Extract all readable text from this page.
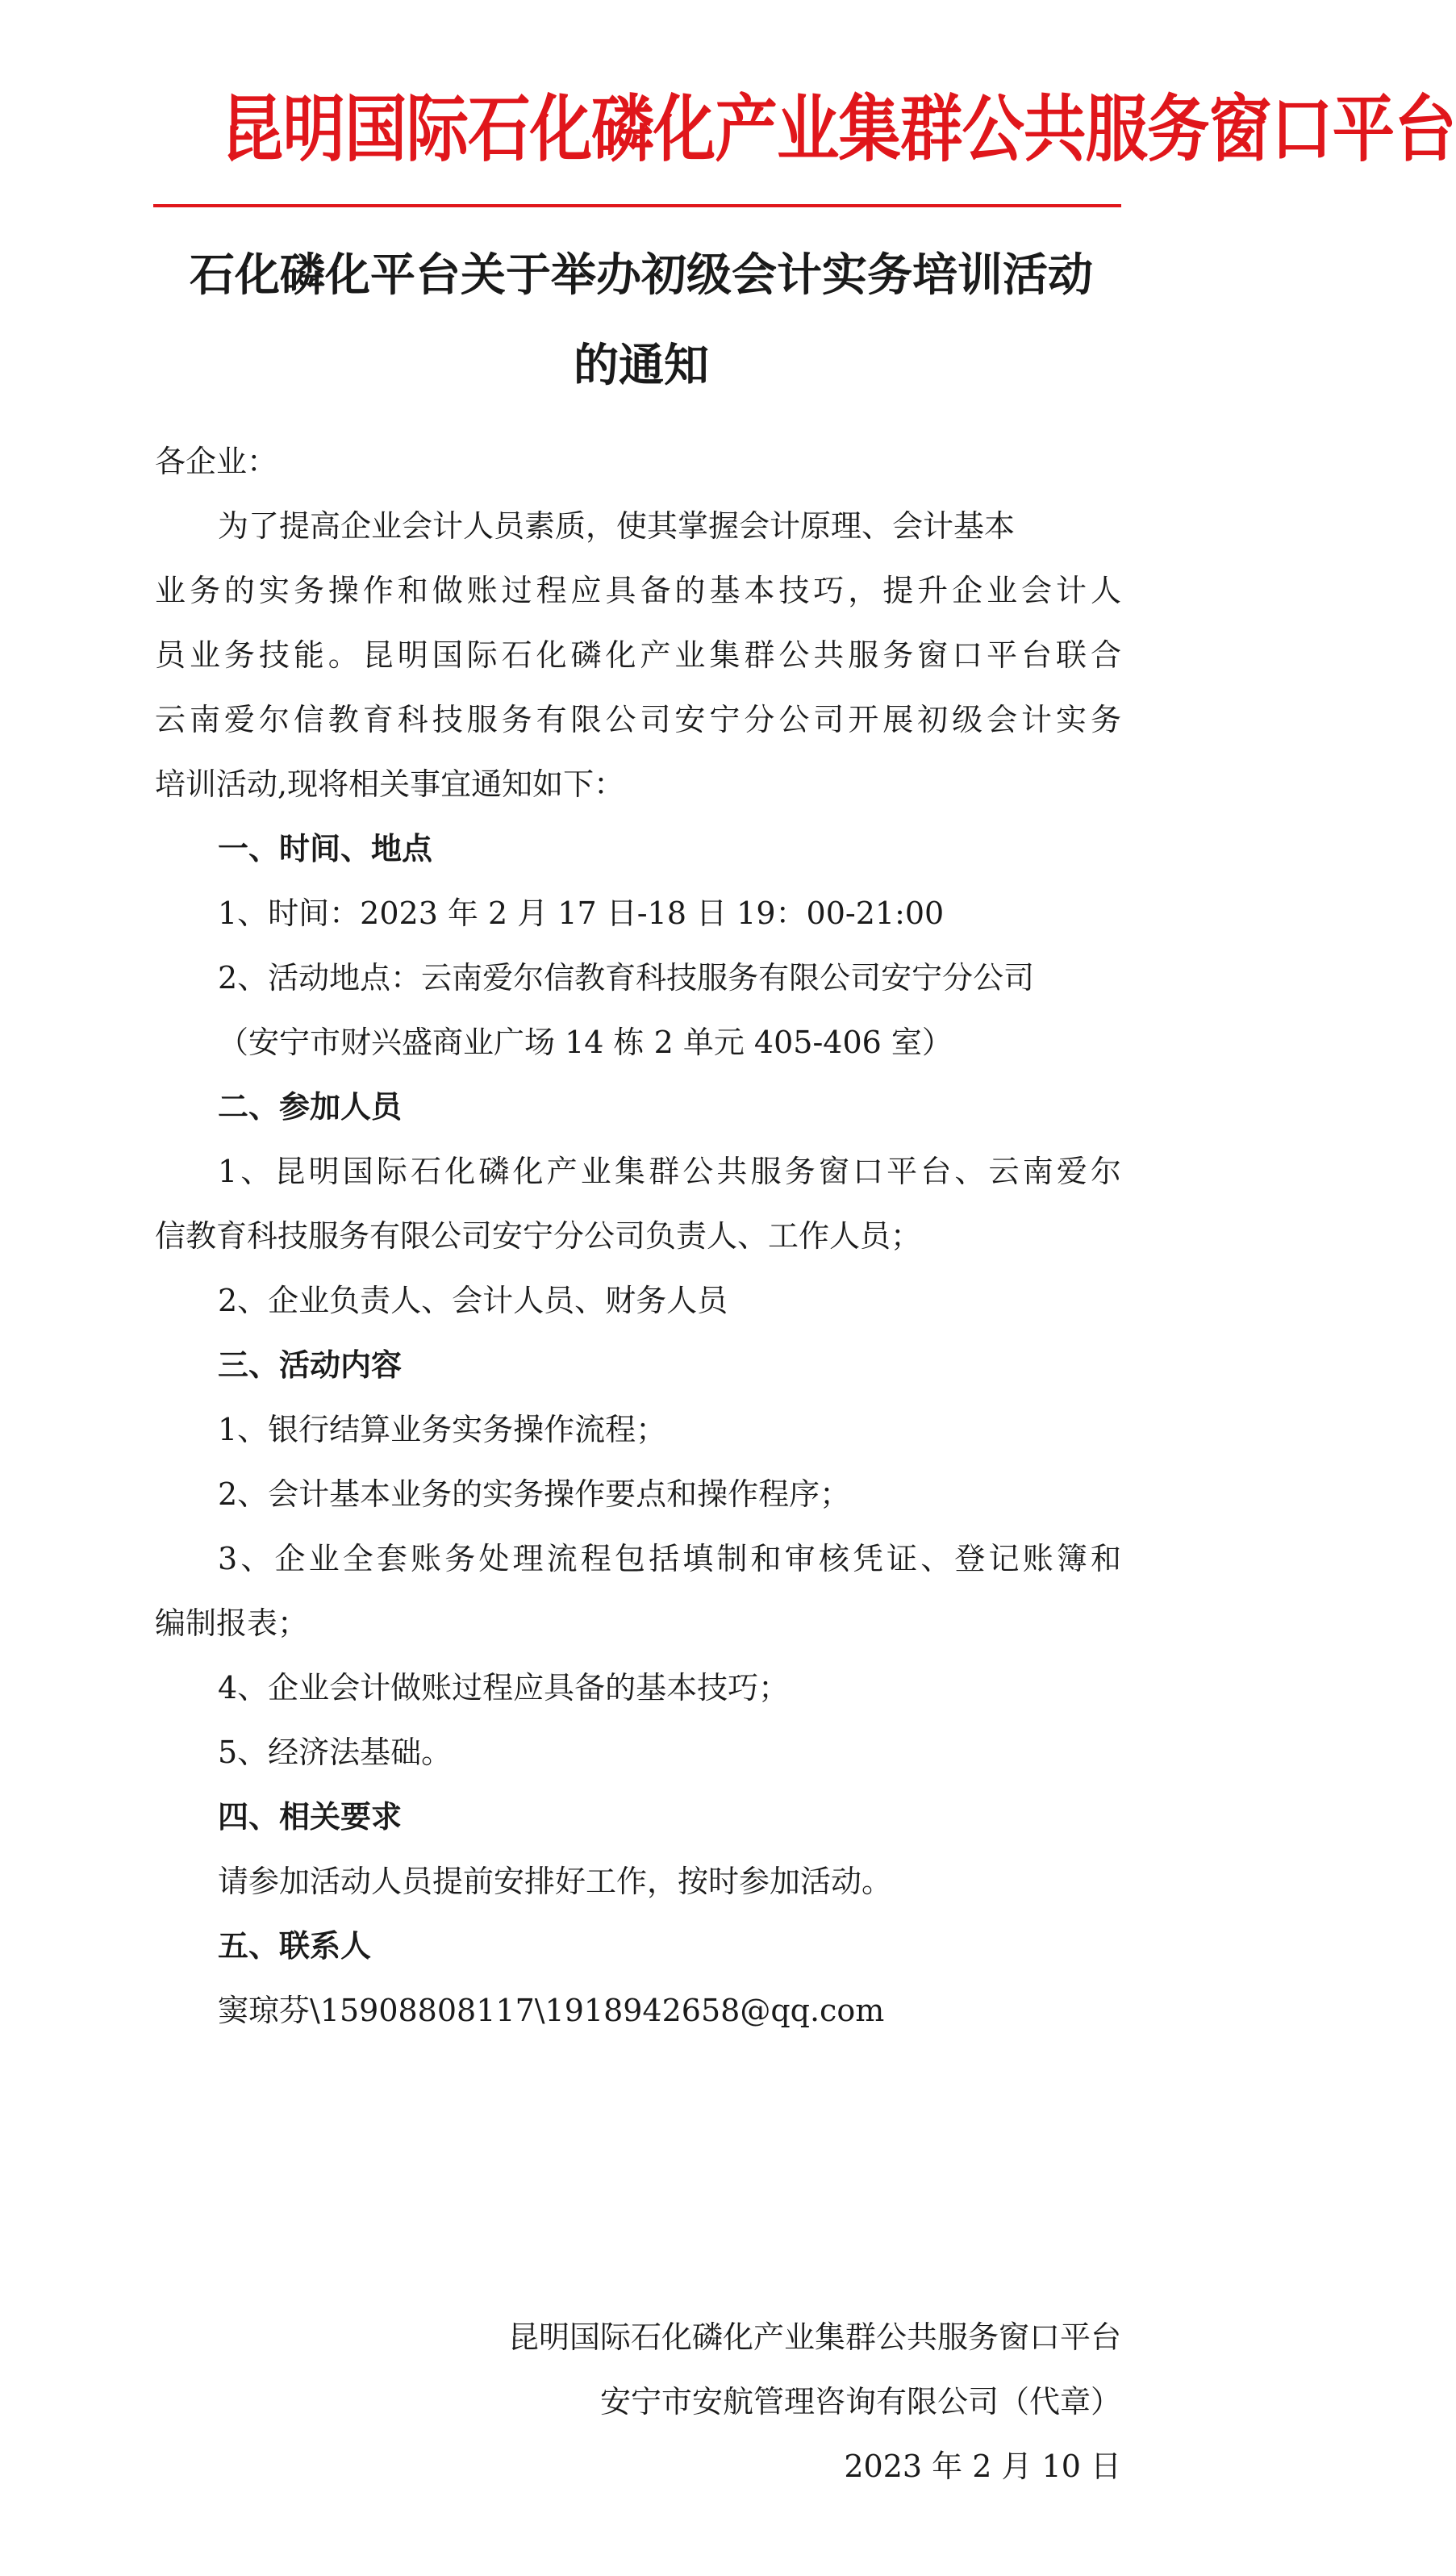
昆明国际石化磷化产业集群公共服务窗口平台
石化磷化平台关于举办初级会计实务培训活动
的通知
各企业：
为了提高企业会计人员素质，使其掌握会计原理、会计基本
业务的实务操作和做账过程应具备的基本技巧，提升企业会计人
员业务技能。昆明国际石化磷化产业集群公共服务窗口平台联合
云南爱尔信教育科技服务有限公司安宁分公司开展初级会计实务
培训活动,现将相关事宜通知如下：
一、时间、地点
1、时间：2023 年 2 月 17 日-18 日 19：00-21:00
2、活动地点：云南爱尔信教育科技服务有限公司安宁分公司
（安宁市财兴盛商业广场 14 栋 2 单元 405-406 室）
二、参加人员
1、昆明国际石化磷化产业集群公共服务窗口平台、云南爱尔
信教育科技服务有限公司安宁分公司负责人、工作人员；
2、企业负责人、会计人员、财务人员
三、活动内容
1、银行结算业务实务操作流程；
2、会计基本业务的实务操作要点和操作程序；
3、企业全套账务处理流程包括填制和审核凭证、登记账簿和
编制报表；
4、企业会计做账过程应具备的基本技巧；
5、经济法基础。
四、相关要求
请参加活动人员提前安排好工作，按时参加活动。
五、联系人
窦琼芬\15908808117\1918942658@qq.com
昆明国际石化磷化产业集群公共服务窗口平台
安宁市安航管理咨询有限公司（代章）
2023 年 2 月 10 日
